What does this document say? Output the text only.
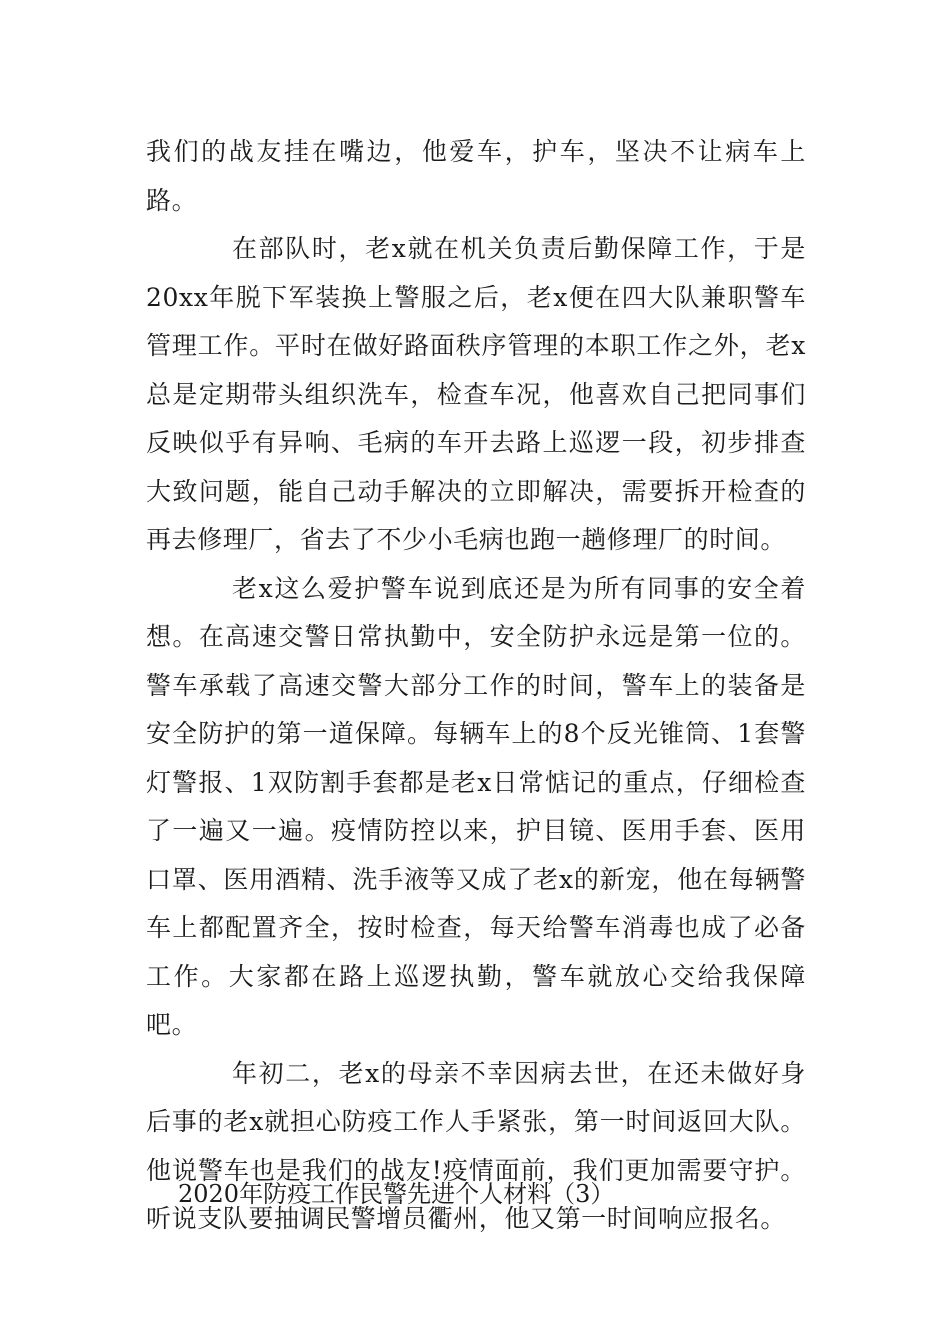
我们的战友挂在嘴边，他爱车，护车，坚决不让病车上路。

在部队时，老x就在机关负责后勤保障工作，于是20xx年脱下军装换上警服之后，老x便在四大队兼职警车管理工作。平时在做好路面秩序管理的本职工作之外，老x总是定期带头组织洗车，检查车况，他喜欢自己把同事们反映似乎有异响、毛病的车开去路上巡逻一段，初步排查大致问题，能自己动手解决的立即解决，需要拆开检查的再去修理厂，省去了不少小毛病也跑一趟修理厂的时间。

老x这么爱护警车说到底还是为所有同事的安全着想。在高速交警日常执勤中，安全防护永远是第一位的。警车承载了高速交警大部分工作的时间，警车上的装备是安全防护的第一道保障。每辆车上的8个反光锥筒、1套警灯警报、1双防割手套都是老x日常惦记的重点，仔细检查了一遍又一遍。疫情防控以来，护目镜、医用手套、医用口罩、医用酒精、洗手液等又成了老x的新宠，他在每辆警车上都配置齐全，按时检查，每天给警车消毒也成了必备工作。大家都在路上巡逻执勤，警车就放心交给我保障吧。

年初二，老x的母亲不幸因病去世，在还未做好身后事的老x就担心防疫工作人手紧张，第一时间返回大队。他说警车也是我们的战友!疫情面前，我们更加需要守护。听说支队要抽调民警增员衢州，他又第一时间响应报名。

2020年防疫工作民警先进个人材料（3）
